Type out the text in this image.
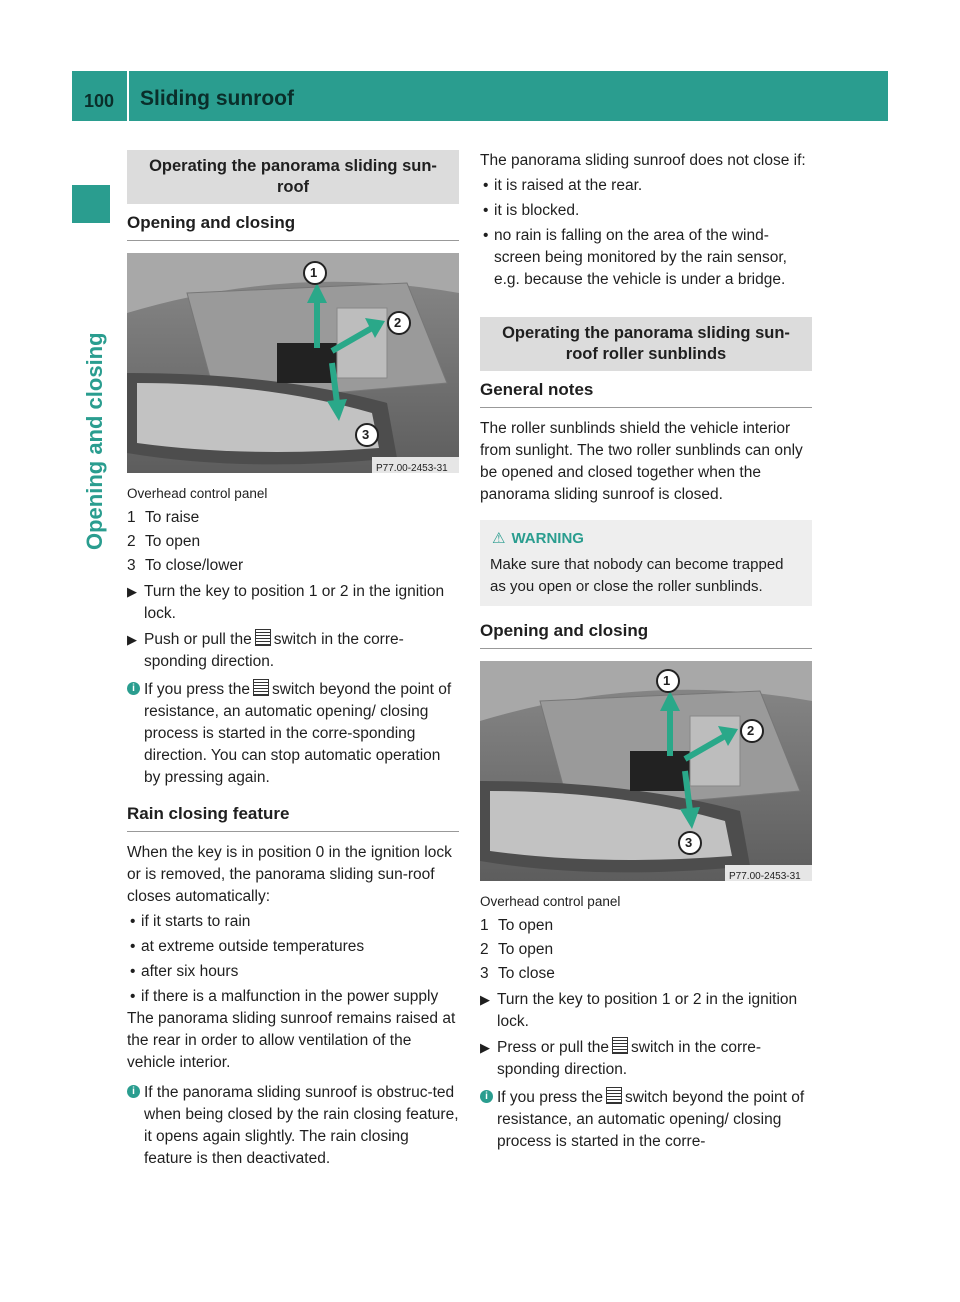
100 Sliding sunroof
Opening and closing
Operating the panorama sliding sun-roof
Opening and closing
1
2
3
P77.00-2453-31
Overhead control panel
1 To raise
2 To open
3 To close/lower
▶ Turn the key to position 1 or 2 in the ignition lock.
▶ Push or pull the switch in the corre-sponding direction.
i If you press the switch beyond the point of resistance, an automatic opening/ closing process is started in the corre-sponding direction. You can stop automatic operation by pressing again.
Rain closing feature

When the key is in position 0 in the ignition lock or is removed, the panorama sliding sun-roof closes automatically:

• if it starts to rain
• at extreme outside temperatures
• after six hours
• if there is a malfunction in the power supply

The panorama sliding sunroof remains raised at the rear in order to allow ventilation of the vehicle interior.

i If the panorama sliding sunroof is obstruc-ted when being closed by the rain closing feature, it opens again slightly. The rain closing feature is then deactivated.

The panorama sliding sunroof does not close if:

• it is raised at the rear.
• it is blocked.
• no rain is falling on the area of the wind-screen being monitored by the rain sensor, e.g. because the vehicle is under a bridge.
Operating the panorama sliding sun-roof roller sunblinds
General notes

The roller sunblinds shield the vehicle interior from sunlight. The two roller sunblinds can only be opened and closed together when the panorama sliding sunroof is closed.

⚠ WARNING
Make sure that nobody can become trapped as you open or close the roller sunblinds.
Opening and closing
1
2
3
P77.00-2453-31
Overhead control panel
1 To open
2 To open
3 To close
▶ Turn the key to position 1 or 2 in the ignition lock.
▶ Press or pull the switch in the corre-sponding direction.
i If you press the switch beyond the point of resistance, an automatic opening/ closing process is started in the corre-
